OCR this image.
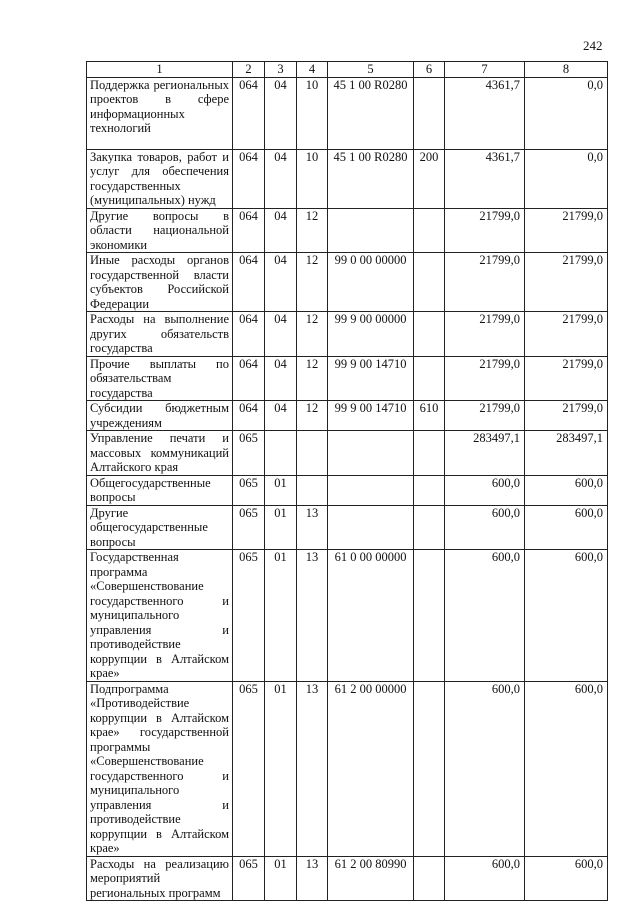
242
1	2	3	4	5	6	7	8
Поддержка региональных проектов в сфере информационных технологий	064	04	10	45 1 00 R0280		4361,7	0,0
Закупка товаров, работ и услуг для обеспечения государственных (муниципальных) нужд	064	04	10	45 1 00 R0280	200	4361,7	0,0
Другие вопросы в области национальной экономики	064	04	12			21799,0	21799,0
Иные расходы органов государственной власти субъектов Российской Федерации	064	04	12	99 0 00 00000		21799,0	21799,0
Расходы на выполнение других обязательств государства	064	04	12	99 9 00 00000		21799,0	21799,0
Прочие выплаты по обязательствам государства	064	04	12	99 9 00 14710		21799,0	21799,0
Субсидии бюджетным учреждениям	064	04	12	99 9 00 14710	610	21799,0	21799,0
Управление печати и массовых коммуникаций Алтайского края	065					283497,1	283497,1
Общегосударственные вопросы	065	01				600,0	600,0
Другие общегосударственные вопросы	065	01	13			600,0	600,0
Государственная программа «Совершенствование государственного и муниципального управления и противодействие коррупции в Алтайском крае»	065	01	13	61 0 00 00000		600,0	600,0
Подпрограмма «Противодействие коррупции в Алтайском крае» государственной программы «Совершенствование государственного и муниципального управления и противодействие коррупции в Алтайском крае»	065	01	13	61 2 00 00000		600,0	600,0
Расходы на реализацию мероприятий региональных программ	065	01	13	61 2 00 80990		600,0	600,0
